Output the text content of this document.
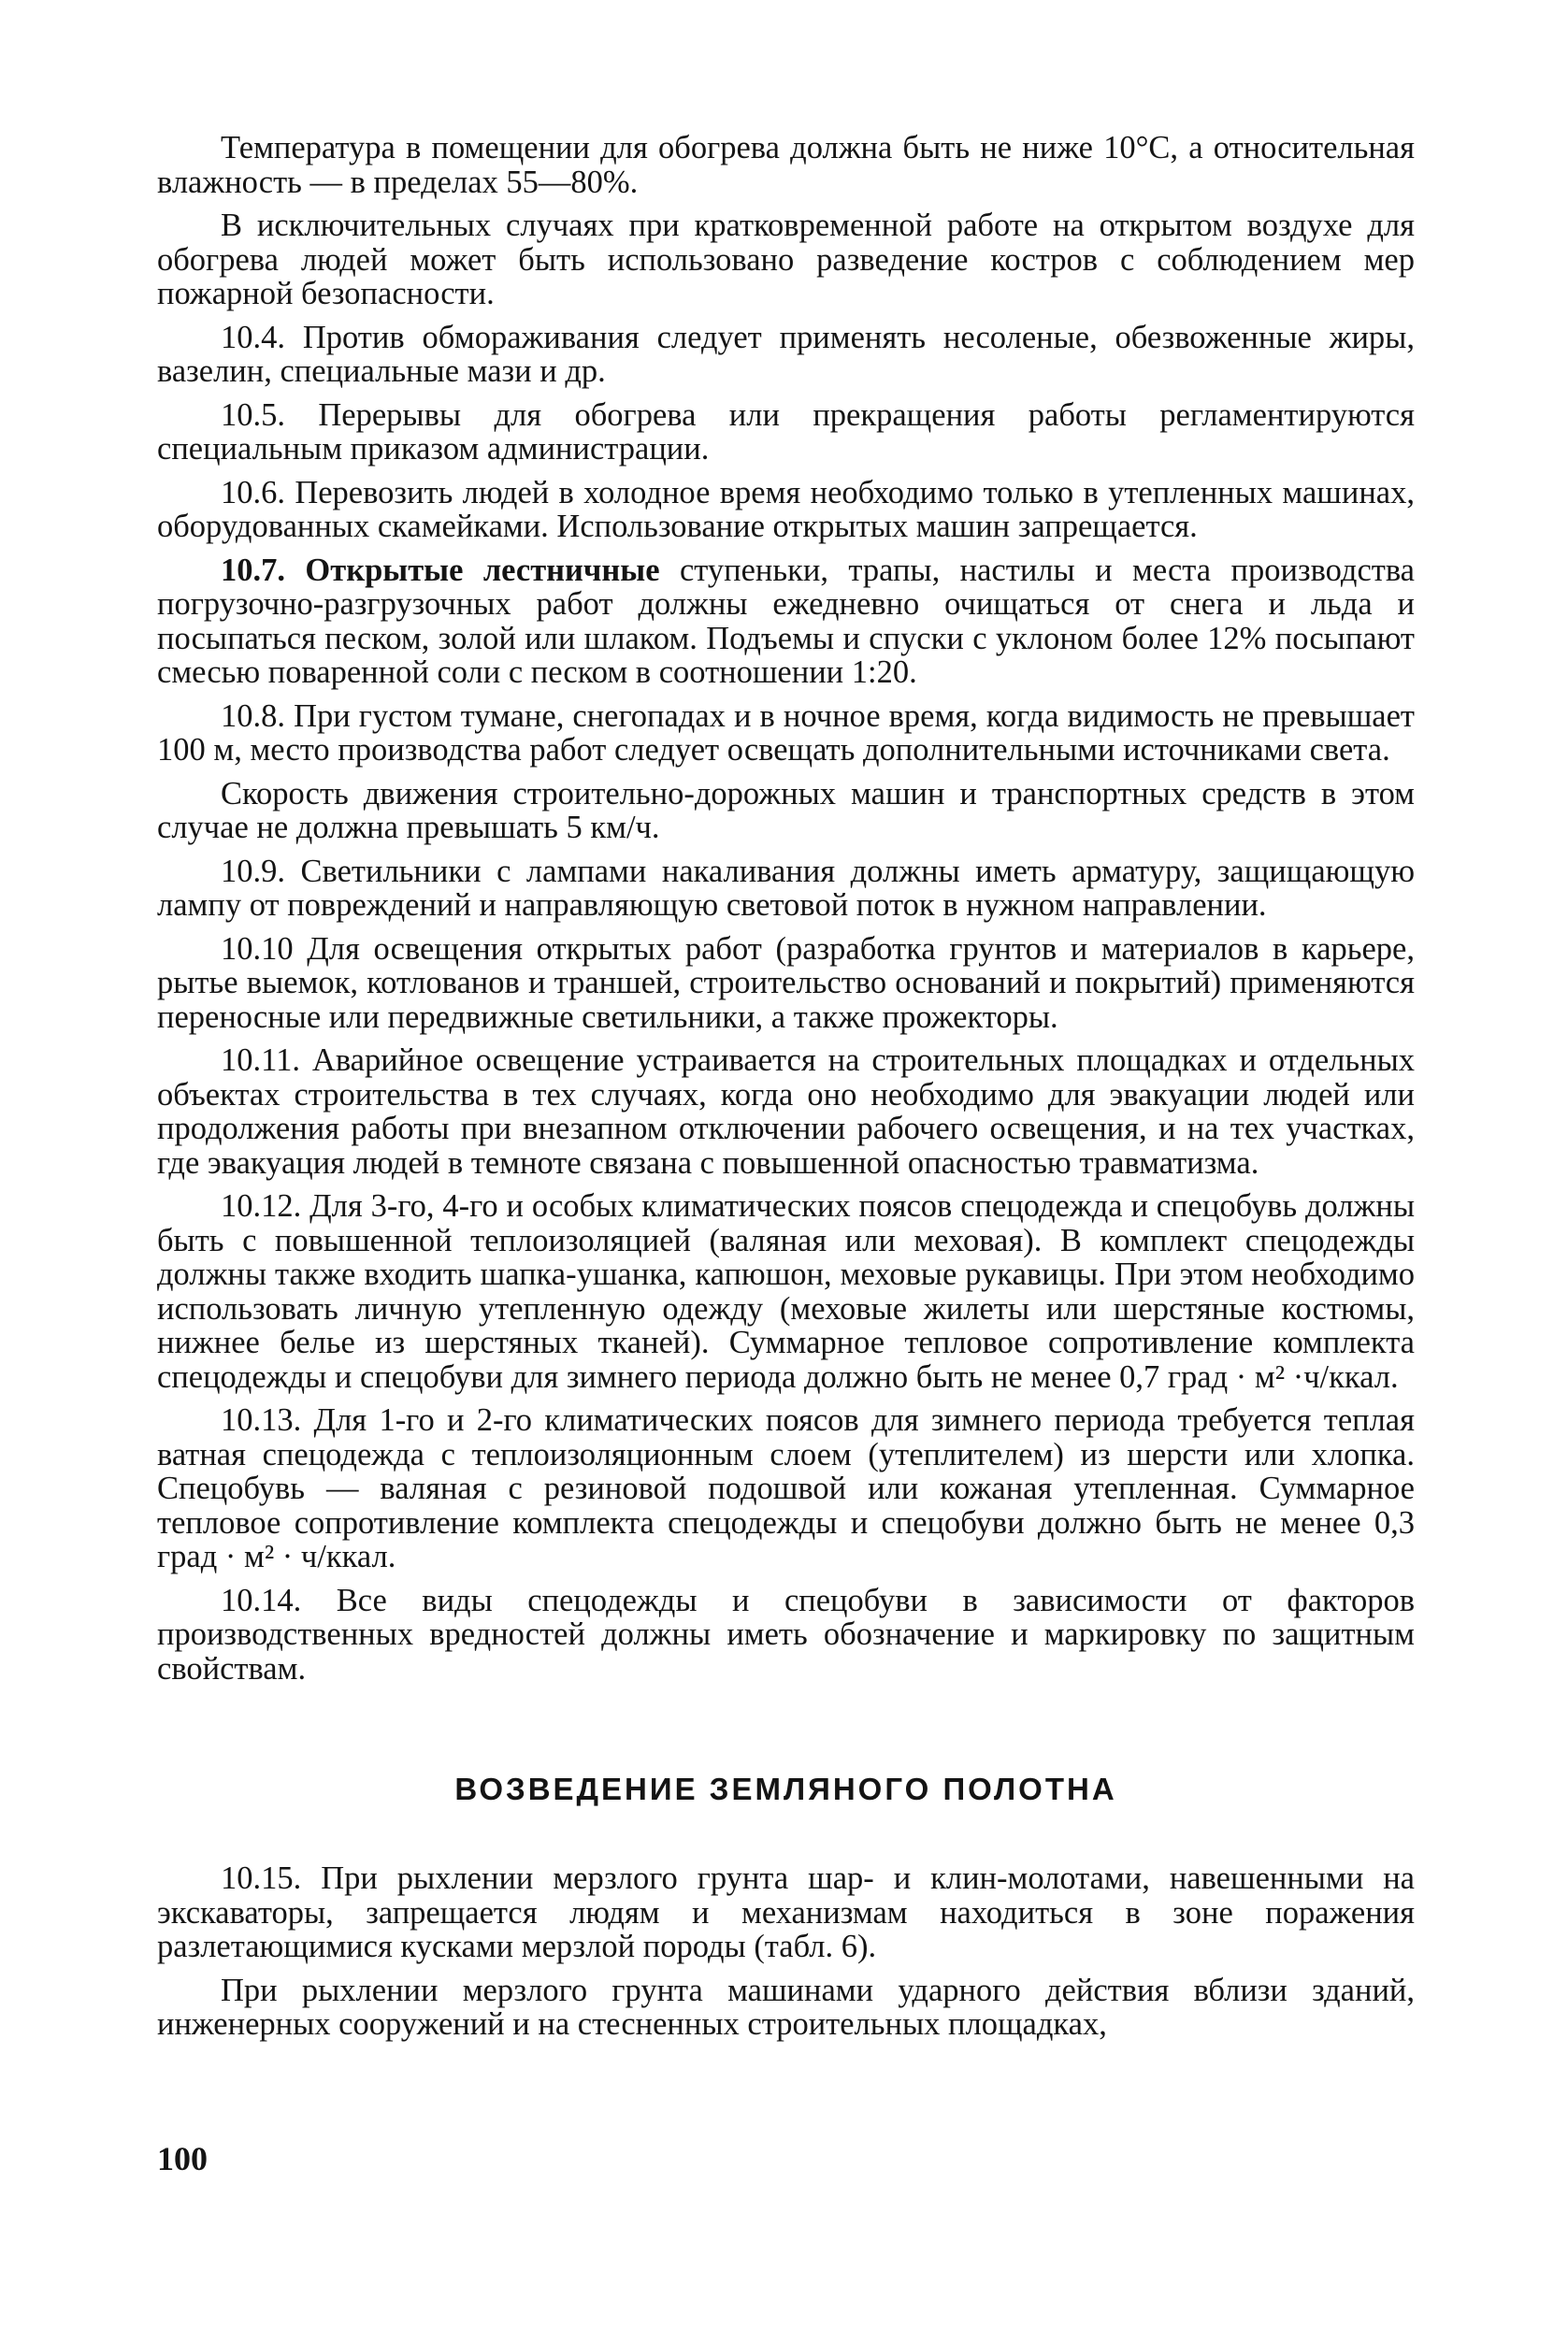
Температура в помещении для обогрева должна быть не ниже 10°С, а относительная влажность — в пределах 55—80%.

В исключительных случаях при кратковременной работе на открытом воздухе для обогрева людей может быть использовано разведение костров с соблюдением мер пожарной безопасности.

10.4. Против обмораживания следует применять несоленые, обезвоженные жиры, вазелин, специальные мази и др.

10.5. Перерывы для обогрева или прекращения работы регламентируются специальным приказом администрации.

10.6. Перевозить людей в холодное время необходимо только в утепленных машинах, оборудованных скамейками. Использование открытых машин запрещается.

10.7. Открытые лестничные ступеньки, трапы, настилы и места производства погрузочно-разгрузочных работ должны ежедневно очищаться от снега и льда и посыпаться песком, золой или шлаком. Подъемы и спуски с уклоном более 12% посыпают смесью поваренной соли с песком в соотношении 1:20.

10.8. При густом тумане, снегопадах и в ночное время, когда видимость не превышает 100 м, место производства работ следует освещать дополнительными источниками света.

Скорость движения строительно-дорожных машин и транспортных средств в этом случае не должна превышать 5 км/ч.

10.9. Светильники с лампами накаливания должны иметь арматуру, защищающую лампу от повреждений и направляющую световой поток в нужном направлении.

10.10 Для освещения открытых работ (разработка грунтов и материалов в карьере, рытье выемок, котлованов и траншей, строительство оснований и покрытий) применяются переносные или передвижные светильники, а также прожекторы.

10.11. Аварийное освещение устраивается на строительных площадках и отдельных объектах строительства в тех случаях, когда оно необходимо для эвакуации людей или продолжения работы при внезапном отключении рабочего освещения, и на тех участках, где эвакуация людей в темноте связана с повышенной опасностью травматизма.

10.12. Для 3-го, 4-го и особых климатических поясов спецодежда и спецобувь должны быть с повышенной теплоизоляцией (валяная или меховая). В комплект спецодежды должны также входить шапка-ушанка, капюшон, меховые рукавицы. При этом необходимо использовать личную утепленную одежду (меховые жилеты или шерстяные костюмы, нижнее белье из шерстяных тканей). Суммарное тепловое сопротивление комплекта спецодежды и спецобуви для зимнего периода должно быть не менее 0,7 град · м² ·ч/ккал.

10.13. Для 1-го и 2-го климатических поясов для зимнего периода требуется теплая ватная спецодежда с теплоизоляционным слоем (утеплителем) из шерсти или хлопка. Спецобувь — валяная с резиновой подошвой или кожаная утепленная. Суммарное тепловое сопротивление комплекта спецодежды и спецобуви должно быть не менее 0,3 град · м² · ч/ккал.

10.14. Все виды спецодежды и спецобуви в зависимости от факторов производственных вредностей должны иметь обозначение и маркировку по защитным свойствам.

ВОЗВЕДЕНИЕ ЗЕМЛЯНОГО ПОЛОТНА

10.15. При рыхлении мерзлого грунта шар- и клин-молотами, навешенными на экскаваторы, запрещается людям и механизмам находиться в зоне поражения разлетающимися кусками мерзлой породы (табл. 6).

При рыхлении мерзлого грунта машинами ударного действия вблизи зданий, инженерных сооружений и на стесненных строительных площадках,

100
